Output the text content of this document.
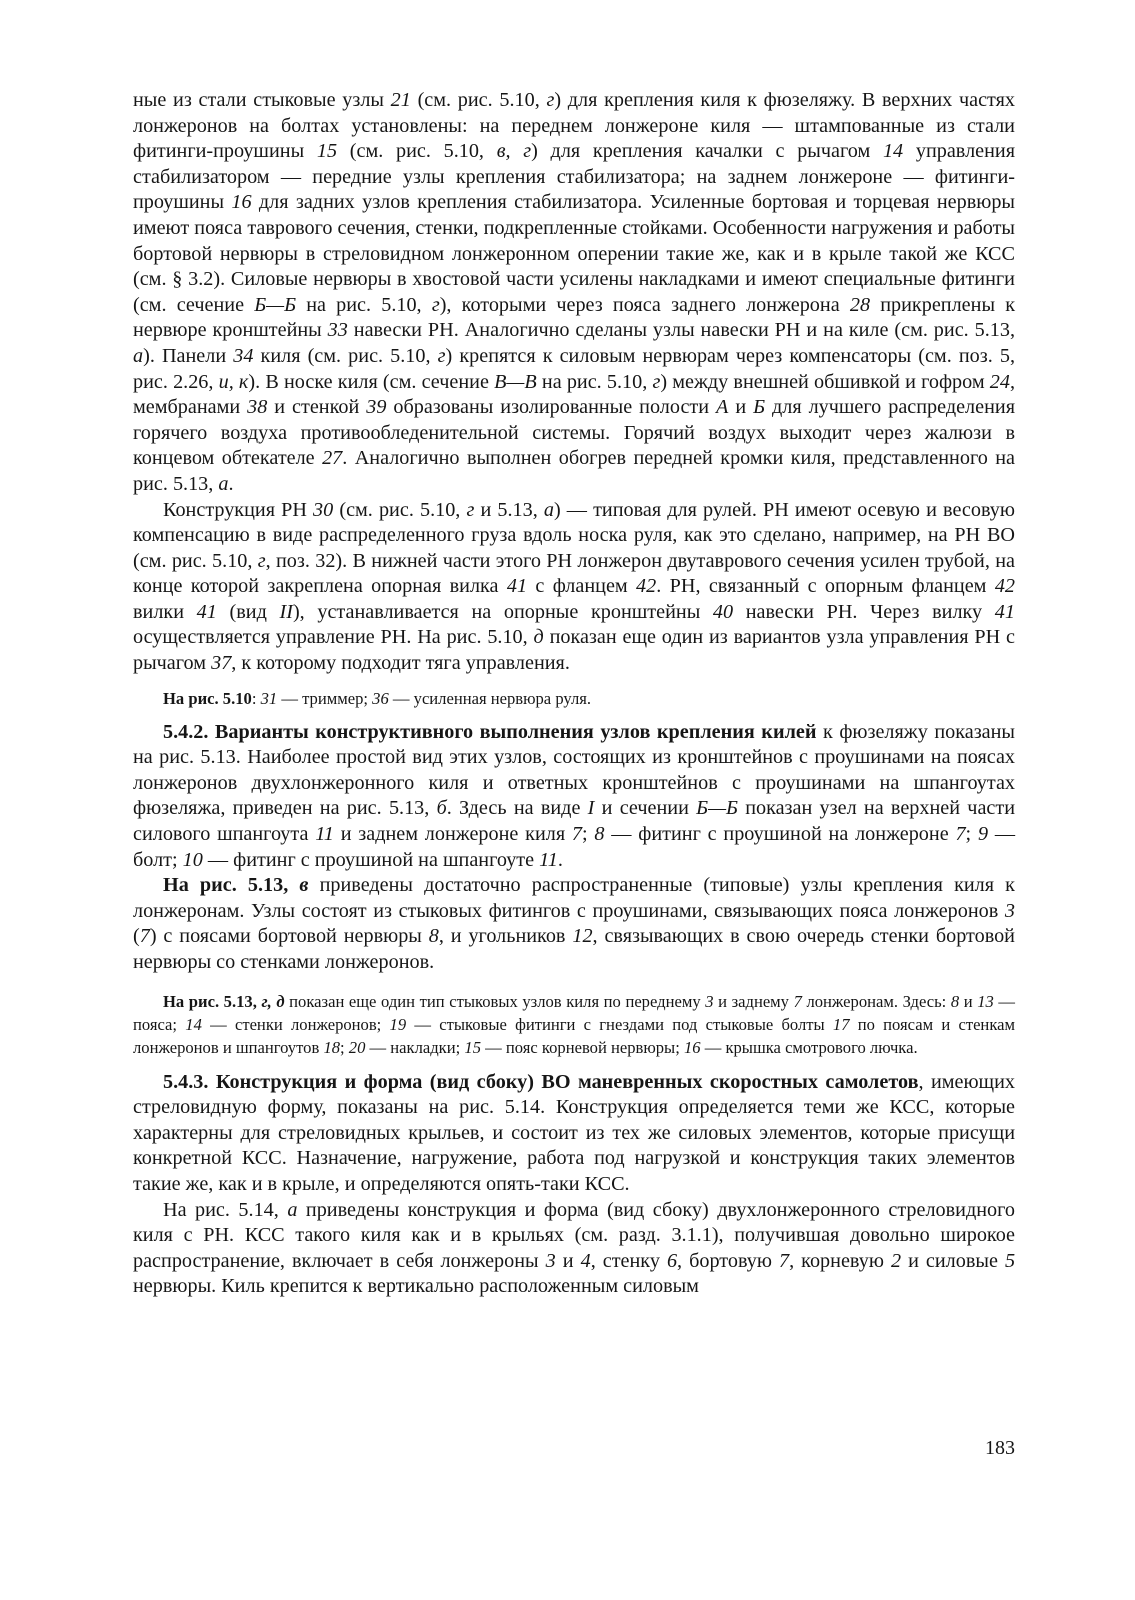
ные из стали стыковые узлы 21 (см. рис. 5.10, г) для крепления киля к фюзеляжу. В верхних частях лонжеронов на болтах установлены: на переднем лонжероне киля — штампованные из стали фитинги-проушины 15 (см. рис. 5.10, в, г) для крепления качалки с рычагом 14 управления стабилизатором — передние узлы крепления стабилизатора; на заднем лонжероне — фитинги-проушины 16 для задних узлов крепления стабилизатора. Усиленные бортовая и торцевая нервюры имеют пояса таврового сечения, стенки, подкрепленные стойками. Особенности нагружения и работы бортовой нервюры в стреловидном лонжеронном оперении такие же, как и в крыле такой же КСС (см. § 3.2). Силовые нервюры в хвостовой части усилены накладками и имеют специальные фитинги (см. сечение Б—Б на рис. 5.10, г), которыми через пояса заднего лонжерона 28 прикреплены к нервюре кронштейны 33 навески РН. Аналогично сделаны узлы навески РН и на киле (см. рис. 5.13, а). Панели 34 киля (см. рис. 5.10, г) крепятся к силовым нервюрам через компенсаторы (см. поз. 5, рис. 2.26, и, к). В носке киля (см. сечение В—В на рис. 5.10, г) между внешней обшивкой и гофром 24, мембранами 38 и стенкой 39 образованы изолированные полости А и Б для лучшего распределения горячего воздуха противообледенительной системы. Горячий воздух выходит через жалюзи в концевом обтекателе 27. Аналогично выполнен обогрев передней кромки киля, представленного на рис. 5.13, а.

Конструкция РН 30 (см. рис. 5.10, г и 5.13, а) — типовая для рулей. РН имеют осевую и весовую компенсацию в виде распределенного груза вдоль носка руля, как это сделано, например, на РН ВО (см. рис. 5.10, г, поз. 32). В нижней части этого РН лонжерон двутаврового сечения усилен трубой, на конце которой закреплена опорная вилка 41 с фланцем 42. РН, связанный с опорным фланцем 42 вилки 41 (вид II), устанавливается на опорные кронштейны 40 навески РН. Через вилку 41 осуществляется управление РН. На рис. 5.10, д показан еще один из вариантов узла управления РН с рычагом 37, к которому подходит тяга управления.

На рис. 5.10: 31 — триммер; 36 — усиленная нервюра руля.

5.4.2. Варианты конструктивного выполнения узлов крепления килей к фюзеляжу показаны на рис. 5.13. Наиболее простой вид этих узлов, состоящих из кронштейнов с проушинами на поясах лонжеронов двухлонжеронного киля и ответных кронштейнов с проушинами на шпангоутах фюзеляжа, приведен на рис. 5.13, б. Здесь на виде I и сечении Б—Б показан узел на верхней части силового шпангоута 11 и заднем лонжероне киля 7; 8 — фитинг с проушиной на лонжероне 7; 9 — болт; 10 — фитинг с проушиной на шпангоуте 11.

На рис. 5.13, в приведены достаточно распространенные (типовые) узлы крепления киля к лонжеронам. Узлы состоят из стыковых фитингов с проушинами, связывающих пояса лонжеронов 3 (7) с поясами бортовой нервюры 8, и угольников 12, связывающих в свою очередь стенки бортовой нервюры со стенками лонжеронов.

На рис. 5.13, г, д показан еще один тип стыковых узлов киля по переднему 3 и заднему 7 лонжеронам. Здесь: 8 и 13 — пояса; 14 — стенки лонжеронов; 19 — стыковые фитинги с гнездами под стыковые болты 17 по поясам и стенкам лонжеронов и шпангоутов 18; 20 — накладки; 15 — пояс корневой нервюры; 16 — крышка смотрового лючка.

5.4.3. Конструкция и форма (вид сбоку) ВО маневренных скоростных самолетов, имеющих стреловидную форму, показаны на рис. 5.14. Конструкция определяется теми же КСС, которые характерны для стреловидных крыльев, и состоит из тех же силовых элементов, которые присущи конкретной КСС. Назначение, нагружение, работа под нагрузкой и конструкция таких элементов такие же, как и в крыле, и определяются опять-таки КСС.

На рис. 5.14, а приведены конструкция и форма (вид сбоку) двухлонжеронного стреловидного киля с РН. КСС такого киля как и в крыльях (см. разд. 3.1.1), получившая довольно широкое распространение, включает в себя лонжероны 3 и 4, стенку 6, бортовую 7, корневую 2 и силовые 5 нервюры. Киль крепится к вертикально расположенным силовым

183
